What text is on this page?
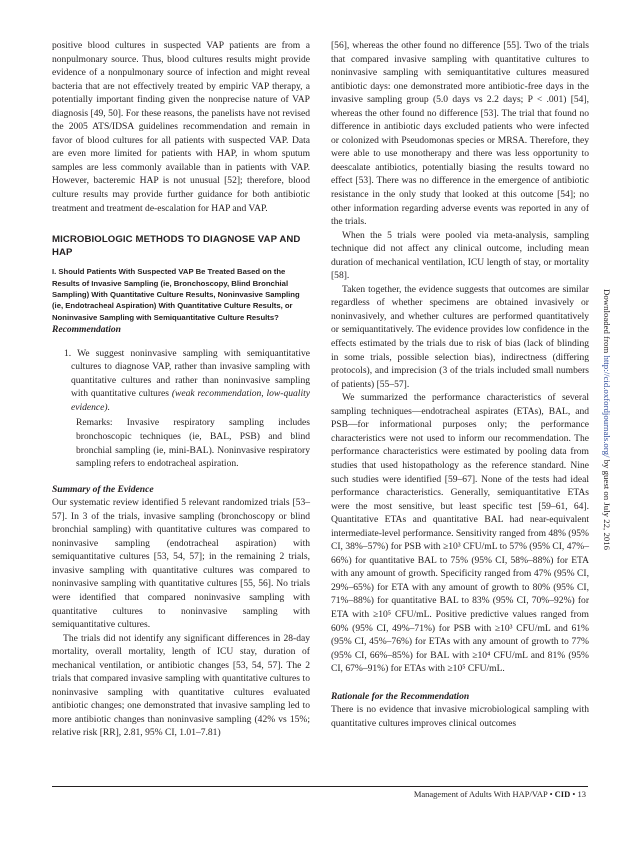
positive blood cultures in suspected VAP patients are from a nonpulmonary source. Thus, blood cultures results might provide evidence of a nonpulmonary source of infection and might reveal bacteria that are not effectively treated by empiric VAP therapy, a potentially important finding given the nonprecise nature of VAP diagnosis [49, 50]. For these reasons, the panelists have not revised the 2005 ATS/IDSA guidelines recommendation and remain in favor of blood cultures for all patients with suspected VAP. Data are even more limited for patients with HAP, in whom sputum samples are less commonly available than in patients with VAP. However, bacteremic HAP is not unusual [52]; therefore, blood culture results may provide further guidance for both antibiotic treatment and treatment de-escalation for HAP and VAP.

MICROBIOLOGIC METHODS TO DIAGNOSE VAP AND HAP

I. Should Patients With Suspected VAP Be Treated Based on the Results of Invasive Sampling (ie, Bronchoscopy, Blind Bronchial Sampling) With Quantitative Culture Results, Noninvasive Sampling (ie, Endotracheal Aspiration) With Quantitative Culture Results, or Noninvasive Sampling with Semiquantitative Culture Results?

Recommendation

1. We suggest noninvasive sampling with semiquantitative cultures to diagnose VAP, rather than invasive sampling with quantitative cultures and rather than noninvasive sampling with quantitative cultures (weak recommendation, low-quality evidence).

Remarks: Invasive respiratory sampling includes bronchoscopic techniques (ie, BAL, PSB) and blind bronchial sampling (ie, mini-BAL). Noninvasive respiratory sampling refers to endotracheal aspiration.

Summary of the Evidence

Our systematic review identified 5 relevant randomized trials [53–57]. In 3 of the trials, invasive sampling (bronchoscopy or blind bronchial sampling) with quantitative cultures was compared to noninvasive sampling (endotracheal aspiration) with semiquantitative cultures [53, 54, 57]; in the remaining 2 trials, invasive sampling with quantitative cultures was compared to noninvasive sampling with quantitative cultures [55, 56]. No trials were identified that compared noninvasive sampling with quantitative cultures to noninvasive sampling with semiquantitative cultures.

The trials did not identify any significant differences in 28-day mortality, overall mortality, length of ICU stay, duration of mechanical ventilation, or antibiotic changes [53, 54, 57]. The 2 trials that compared invasive sampling with quantitative cultures to noninvasive sampling with quantitative cultures evaluated antibiotic changes; one demonstrated that invasive sampling led to more antibiotic changes than noninvasive sampling (42% vs 15%; relative risk [RR], 2.81, 95% CI, 1.01–7.81)

[56], whereas the other found no difference [55]. Two of the trials that compared invasive sampling with quantitative cultures to noninvasive sampling with semiquantitative cultures measured antibiotic days: one demonstrated more antibiotic-free days in the invasive sampling group (5.0 days vs 2.2 days; P < .001) [54], whereas the other found no difference [53]. The trial that found no difference in antibiotic days excluded patients who were infected or colonized with Pseudomonas species or MRSA. Therefore, they were able to use monotherapy and there was less opportunity to deescalate antibiotics, potentially biasing the results toward no effect [53]. There was no difference in the emergence of antibiotic resistance in the only study that looked at this outcome [54]; no other information regarding adverse events was reported in any of the trials.

When the 5 trials were pooled via meta-analysis, sampling technique did not affect any clinical outcome, including mean duration of mechanical ventilation, ICU length of stay, or mortality [58].

Taken together, the evidence suggests that outcomes are similar regardless of whether specimens are obtained invasively or noninvasively, and whether cultures are performed quantitatively or semiquantitatively. The evidence provides low confidence in the effects estimated by the trials due to risk of bias (lack of blinding in some trials, possible selection bias), indirectness (differing protocols), and imprecision (3 of the trials included small numbers of patients) [55–57].

We summarized the performance characteristics of several sampling techniques—endotracheal aspirates (ETAs), BAL, and PSB—for informational purposes only; the performance characteristics were not used to inform our recommendation. The performance characteristics were estimated by pooling data from studies that used histopathology as the reference standard. Nine such studies were identified [59–67]. None of the tests had ideal performance characteristics. Generally, semiquantitative ETAs were the most sensitive, but least specific test [59–61, 64]. Quantitative ETAs and quantitative BAL had near-equivalent intermediate-level performance. Sensitivity ranged from 48% (95% CI, 38%–57%) for PSB with ≥10³ CFU/mL to 57% (95% CI, 47%–66%) for quantitative BAL to 75% (95% CI, 58%–88%) for ETA with any amount of growth. Specificity ranged from 47% (95% CI, 29%–65%) for ETA with any amount of growth to 80% (95% CI, 71%–88%) for quantitative BAL to 83% (95% CI, 70%–92%) for ETA with ≥10⁵ CFU/mL. Positive predictive values ranged from 60% (95% CI, 49%–71%) for PSB with ≥10³ CFU/mL and 61% (95% CI, 45%–76%) for ETAs with any amount of growth to 77% (95% CI, 66%–85%) for BAL with ≥10⁴ CFU/mL and 81% (95% CI, 67%–91%) for ETAs with ≥10⁵ CFU/mL.

Rationale for the Recommendation

There is no evidence that invasive microbiological sampling with quantitative cultures improves clinical outcomes

Downloaded from http://cid.oxfordjournals.org/ by guest on July 22, 2016
Management of Adults With HAP/VAP • CID • 13
